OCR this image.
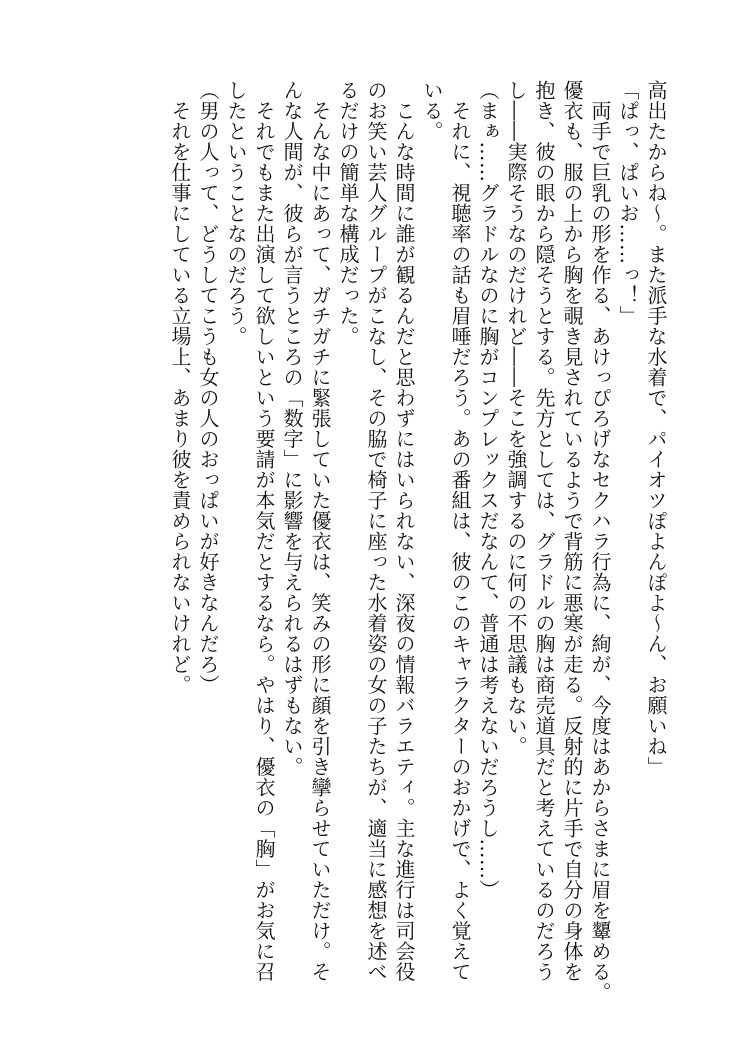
高出たからね～。また派手な水着で、パイオツぽよんぽよ～ん、お願いね」
「ぱっ、ぱいお……っ！」
　両手で巨乳の形を作る、あけっぴろげなセクハラ行為に、絢が、今度はあからさまに眉を顰める。
優衣も、服の上から胸を覗き見されているようで背筋に悪寒が走る。反射的に片手で自分の身体を
抱き、彼の眼から隠そうとする。先方としては、グラドルの胸は商売道具だと考えているのだろう
し――実際そうなのだけれど――そこを強調するのに何の不思議もない。
（まぁ……グラドルなのに胸がコンプレックスだなんて、普通は考えないだろうし……）
　それに、視聴率の話も眉唾だろう。あの番組は、彼のこのキャラクターのおかげで、よく覚えて
いる。
　こんな時間に誰が観るんだと思わずにはいられない、深夜の情報バラエティ。主な進行は司会役
のお笑い芸人グループがこなし、その脇で椅子に座った水着姿の女の子たちが、適当に感想を述べ
るだけの簡単な構成だった。
　そんな中にあって、ガチガチに緊張していた優衣は、笑みの形に顔を引き攣らせていただけ。そ
んな人間が、彼らが言うところの「数字」に影響を与えられるはずもない。
　それでもまた出演して欲しいという要請が本気だとするなら。やはり、優衣の「胸」がお気に召
したということなのだろう。
（男の人って、どうしてこうも女の人のおっぱいが好きなんだろ）
　それを仕事にしている立場上、あまり彼を責められないけれど。
